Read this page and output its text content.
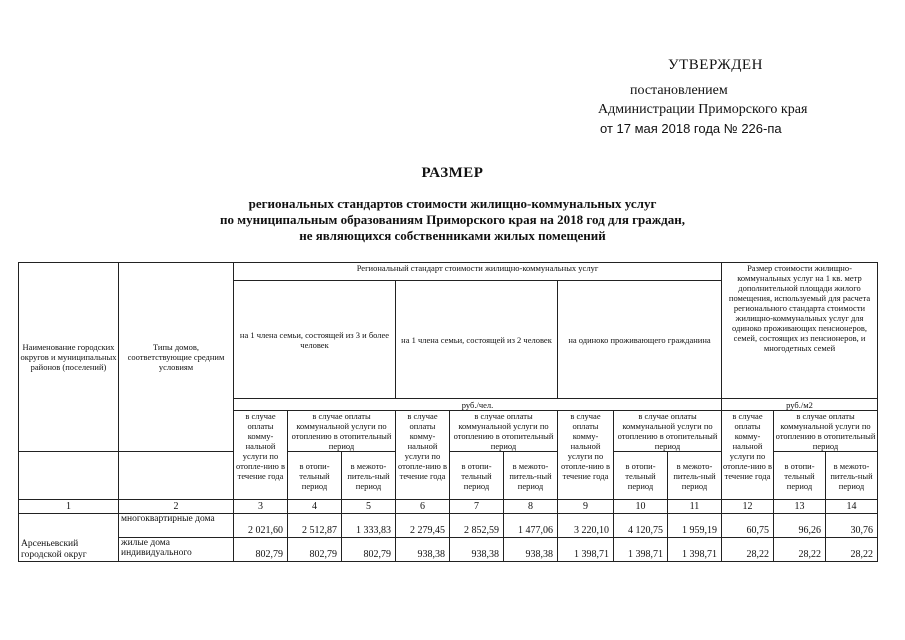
УТВЕРЖДЕН
постановлением
Администрации Приморского края
от 17 мая 2018 года № 226-па
РАЗМЕР
региональных стандартов стоимости жилищно-коммунальных услуг
по муниципальным образованиям Приморского края на 2018 год для граждан,
не являющихся собственниками жилых помещений
Наименование городских округов и муниципальных районов (поселений)	Типы домов, соответствующие средним условиям	Региональный стандарт стоимости жилищно-коммунальных услуг									Размер стоимости жилищно-коммунальных услуг на 1 кв. метр дополнительной площади жилого помещения, используемый для расчета регионального стандарта стоимости жилищно-коммунальных услуг для одиноко проживающих пенсионеров, семей, состоящих из пенсионеров, и многодетных семей		
		на 1 члена семьи, состоящей из 3 и более человек			на 1 члена семьи, состоящей из 2 человек			на одиноко проживающего гражданина					
		руб./чел.									руб./м2		
		в случае оплаты комму-нальной услуги по отопле-нию в течение года	в случае оплаты коммунальной услуги по отоплению в отопительный период		в случае оплаты комму-нальной услуги по отопле-нию в течение года	в случае оплаты коммунальной услуги по отоплению в отопительный период		в случае оплаты комму-нальной услуги по отопле-нию в течение года	в случае оплаты коммунальной услуги по отоплению в отопительный период		в случае оплаты комму-нальной услуги по отопле-нию в течение года	в случае оплаты коммунальной услуги по отоплению в отопительный период	
			в отопи-тельный период	в межото-питель-ный период		в отопи-тельный период	в межото-питель-ный период		в отопи-тельный период	в межото-питель-ный период		в отопи-тельный период	в межото-питель-ный период
1	2	3	4	5	6	7	8	9	10	11	12	13	14
Арсеньевский городской округ	многоквартирные дома	2 021,60	2 512,87	1 333,83	2 279,45	2 852,59	1 477,06	3 220,10	4 120,75	1 959,19	60,75	96,26	30,76
	жилые дома индивидуального	802,79	802,79	802,79	938,38	938,38	938,38	1 398,71	1 398,71	1 398,71	28,22	28,22	28,22
